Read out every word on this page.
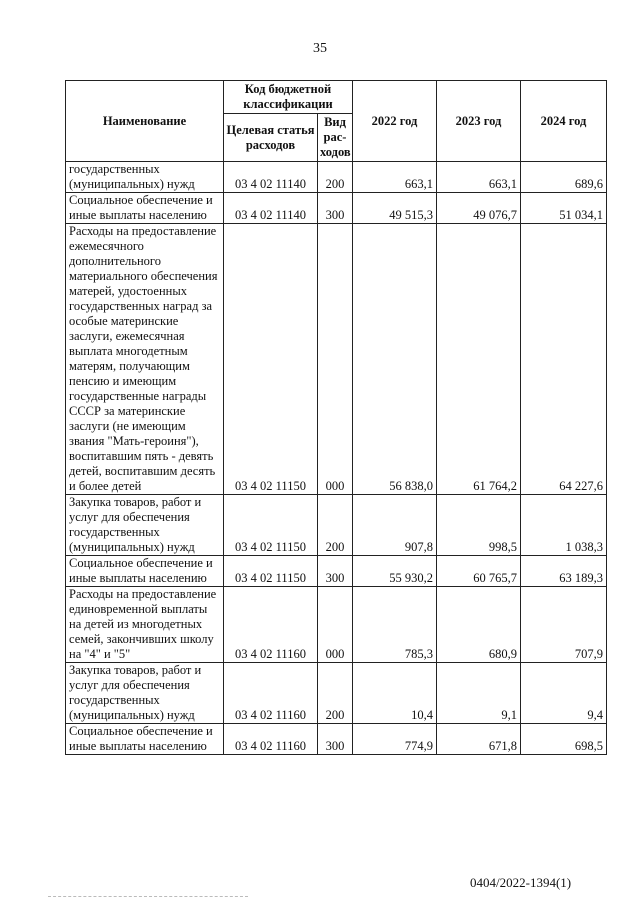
35
Наименование	Код бюджетной классификации		2022 год	2023 год	2024 год
	Целевая статья расходов	Вид рас-ходов			
государственных (муниципальных) нужд	03 4 02 11140	200	663,1	663,1	689,6
Социальное обеспечение и иные выплаты населению	03 4 02 11140	300	49 515,3	49 076,7	51 034,1
Расходы на предоставление ежемесячного дополнительного материального обеспечения матерей, удостоенных государственных наград за особые материнские заслуги, ежемесячная выплата многодетным матерям, получающим пенсию и имеющим государственные награды СССР за материнские заслуги (не имеющим звания "Мать-героиня"), воспитавшим пять - девять детей, воспитавшим десять и более детей	03 4 02 11150	000	56 838,0	61 764,2	64 227,6
Закупка товаров, работ и услуг для обеспечения государственных (муниципальных) нужд	03 4 02 11150	200	907,8	998,5	1 038,3
Социальное обеспечение и иные выплаты населению	03 4 02 11150	300	55 930,2	60 765,7	63 189,3
Расходы на предоставление единовременной выплаты на детей из многодетных семей, закончивших школу на "4" и "5"	03 4 02 11160	000	785,3	680,9	707,9
Закупка товаров, работ и услуг для обеспечения государственных (муниципальных) нужд	03 4 02 11160	200	10,4	9,1	9,4
Социальное обеспечение и иные выплаты населению	03 4 02 11160	300	774,9	671,8	698,5
0404/2022-1394(1)
